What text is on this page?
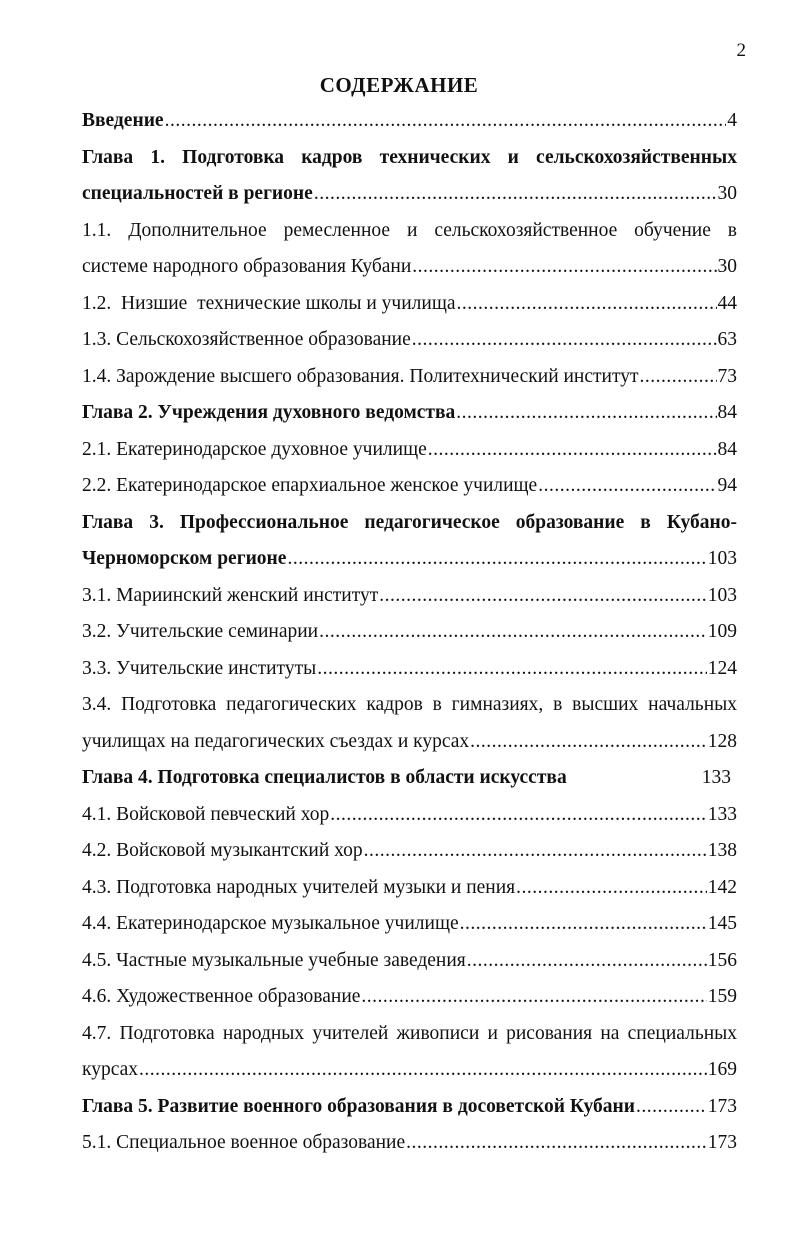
2
СОДЕРЖАНИЕ
Введение .....	4
Глава 1. Подготовка кадров технических и сельскохозяйственных
специальностей в регионе .....	30
1.1. Дополнительное ремесленное и сельскохозяйственное обучение в
системе народного образования Кубани .....	30
1.2.  Низшие  технические школы и училища .....	44
1.3. Сельскохозяйственное образование .....	63
1.4. Зарождение высшего образования. Политехнический институт .....	73
Глава 2. Учреждения духовного ведомства .....	84
2.1. Екатеринодарское духовное училище .....	84
2.2. Екатеринодарское епархиальное женское училище .....	94
Глава 3. Профессиональное педагогическое образование в Кубано-
Черноморском регионе .....	103
3.1. Мариинский женский институт .....	103
3.2. Учительские семинарии .....	109
3.3. Учительские институты .....	124
3.4. Подготовка педагогических кадров в гимназиях, в высших начальных
училищах на педагогических съездах и курсах .....	128
Глава 4. Подготовка специалистов в области искусства	133
4.1. Войсковой певческий хор .....	133
4.2. Войсковой музыкантский хор .....	138
4.3. Подготовка народных учителей музыки и пения .....	142
4.4. Екатеринодарское музыкальное училище .....	145
4.5. Частные музыкальные учебные заведения .....	156
4.6. Художественное образование .....	159
4.7. Подготовка народных учителей живописи и рисования на специальных
курсах .....	169
Глава 5. Развитие военного образования в досоветской Кубани .....	173
5.1. Специальное военное образование .....	173
